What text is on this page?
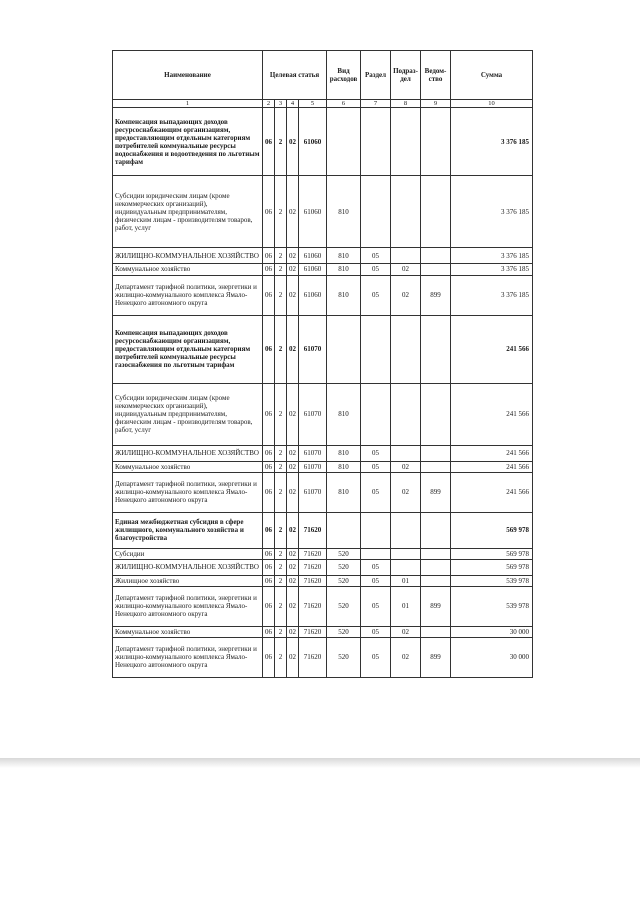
Наименование	Целевая статья				Вид расходов	Раздел	Подраз-дел	Ведом-ство	Сумма
1	2	3	4	5	6	7	8	9	10
Компенсация выпадающих доходов ресурсоснабжающим организациям, предоставляющим отдельным категориям потребителей коммунальные ресурсы водоснабжения и водоотведения по льготным тарифам	06	2	02	61060					3 376 185
Субсидии юридическим лицам (кроме некоммерческих организаций), индивидуальным предпринимателям, физическим лицам - производителям товаров, работ, услуг	06	2	02	61060	810				3 376 185
ЖИЛИЩНО-КОММУНАЛЬНОЕ ХОЗЯЙСТВО	06	2	02	61060	810	05			3 376 185
Коммунальное хозяйство	06	2	02	61060	810	05	02		3 376 185
Департамент тарифной политики, энергетики и жилищно-коммунального комплекса Ямало-Ненецкого автономного округа	06	2	02	61060	810	05	02	899	3 376 185
Компенсация выпадающих доходов ресурсоснабжающим организациям, предоставляющим отдельным категориям потребителей коммунальные ресурсы газоснабжения по льготным тарифам	06	2	02	61070					241 566
Субсидии юридическим лицам (кроме некоммерческих организаций), индивидуальным предпринимателям, физическим лицам - производителям товаров, работ, услуг	06	2	02	61070	810				241 566
ЖИЛИЩНО-КОММУНАЛЬНОЕ ХОЗЯЙСТВО	06	2	02	61070	810	05			241 566
Коммунальное хозяйство	06	2	02	61070	810	05	02		241 566
Департамент тарифной политики, энергетики и жилищно-коммунального комплекса Ямало-Ненецкого автономного округа	06	2	02	61070	810	05	02	899	241 566
Единая межбюджетная субсидия в сфере жилищного, коммунального хозяйства и благоустройства	06	2	02	71620					569 978
Субсидии	06	2	02	71620	520				569 978
ЖИЛИЩНО-КОММУНАЛЬНОЕ ХОЗЯЙСТВО	06	2	02	71620	520	05			569 978
Жилищное хозяйство	06	2	02	71620	520	05	01		539 978
Департамент тарифной политики, энергетики и жилищно-коммунального комплекса Ямало-Ненецкого автономного округа	06	2	02	71620	520	05	01	899	539 978
Коммунальное хозяйство	06	2	02	71620	520	05	02		30 000
Департамент тарифной политики, энергетики и жилищно-коммунального комплекса Ямало-Ненецкого автономного округа	06	2	02	71620	520	05	02	899	30 000
